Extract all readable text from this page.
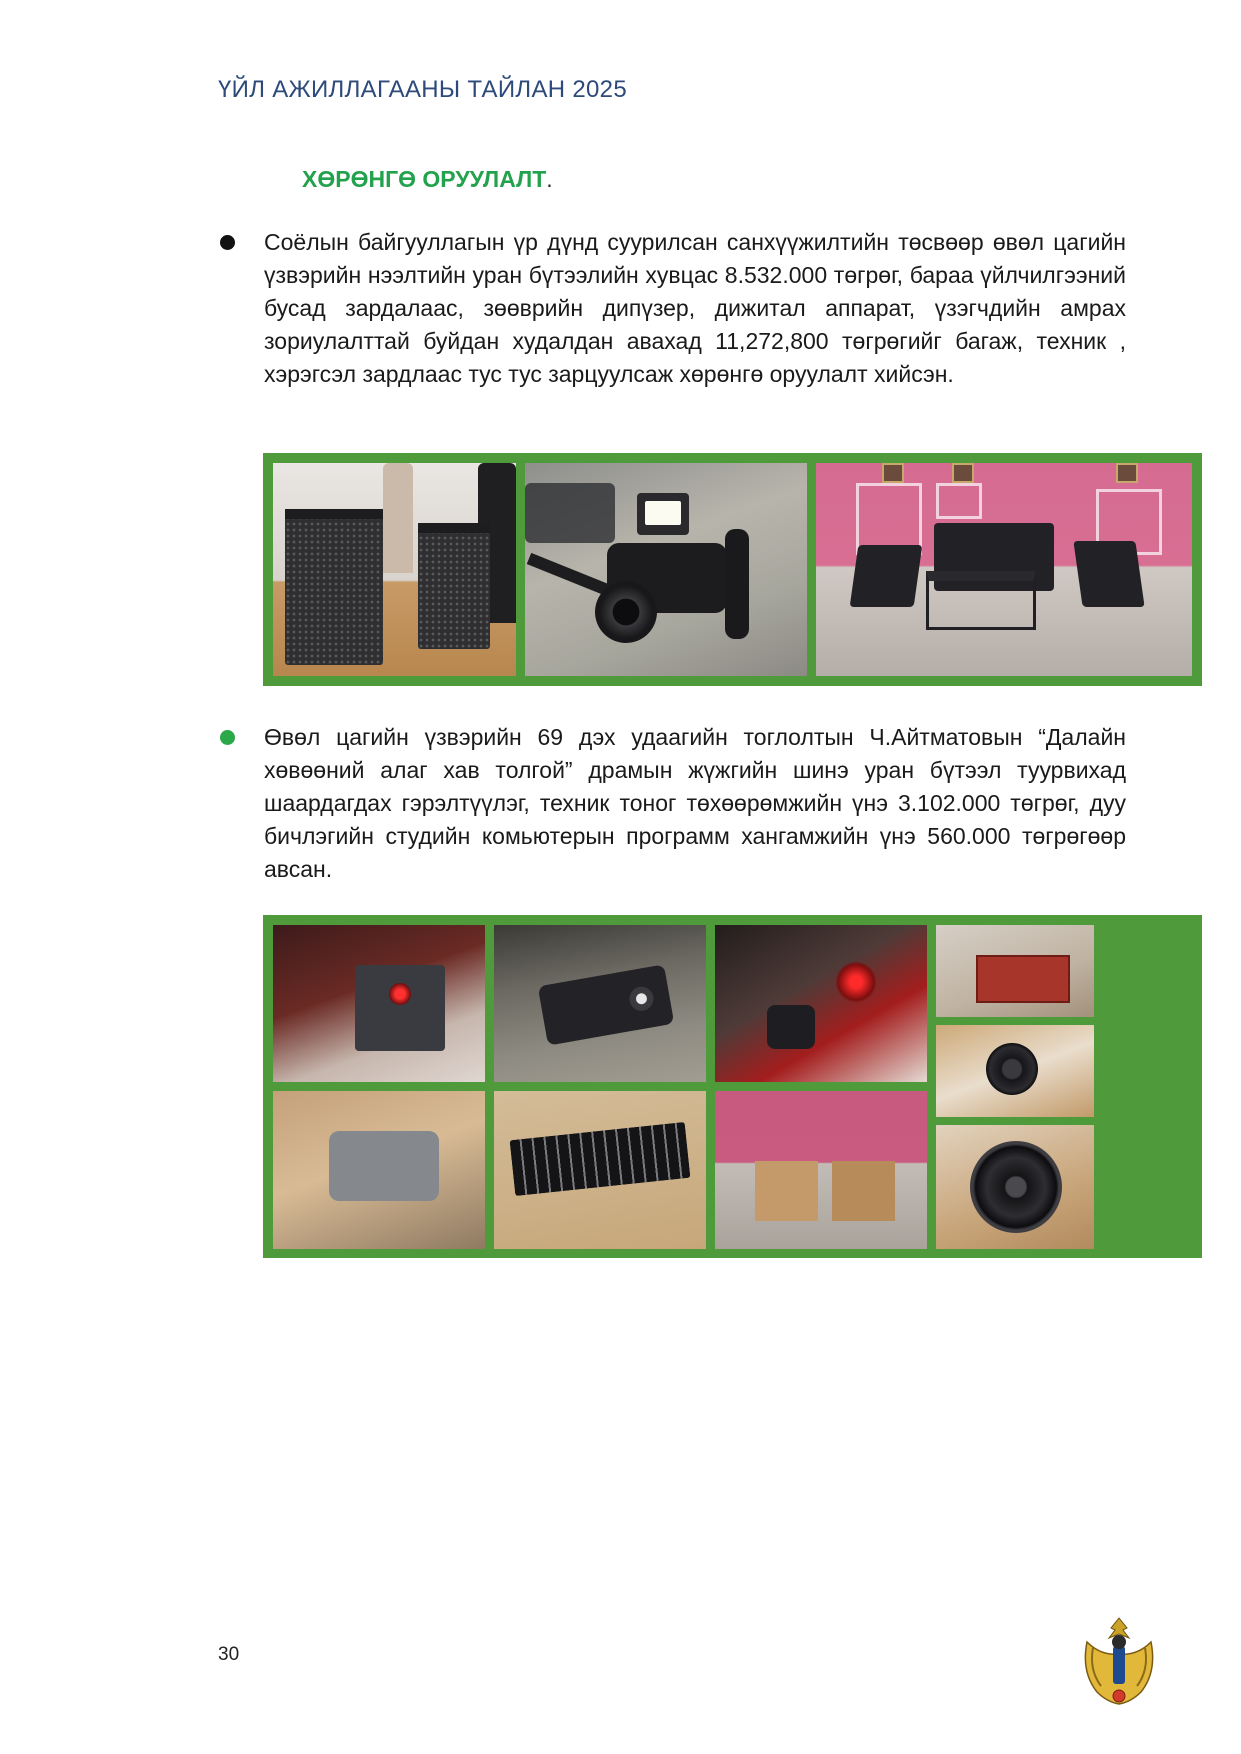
ҮЙЛ АЖИЛЛАГААНЫ ТАЙЛАН 2025
ХӨРӨНГӨ ОРУУЛАЛТ.
Соёлын байгууллагын үр дүнд суурилсан санхүүжилтийн төсвөөр өвөл цагийн үзвэрийн нээлтийн уран бүтээлийн хувцас 8.532.000 төгрөг, бараа үйлчилгээний бусад зардалаас, зөөврийн дипүзер, дижитал аппарат, үзэгчдийн амрах зориулалттай буйдан худалдан авахад 11,272,800 төгрөгийг багаж, техник , хэрэгсэл зардлаас тус тус зарцуулсаж хөрөнгө оруулалт хийсэн.
Өвөл цагийн үзвэрийн 69 дэх удаагийн тоглолтын Ч.Айтматовын “Далайн хөвөөний алаг хав толгой” драмын жүжгийн шинэ уран бүтээл туурвихад шаардагдах гэрэлтүүлэг, техник тоног төхөөрөмжийн үнэ 3.102.000 төгрөг, дуу бичлэгийн студийн комьютерын программ хангамжийн үнэ 560.000 төгрөгөөр авсан.
30
